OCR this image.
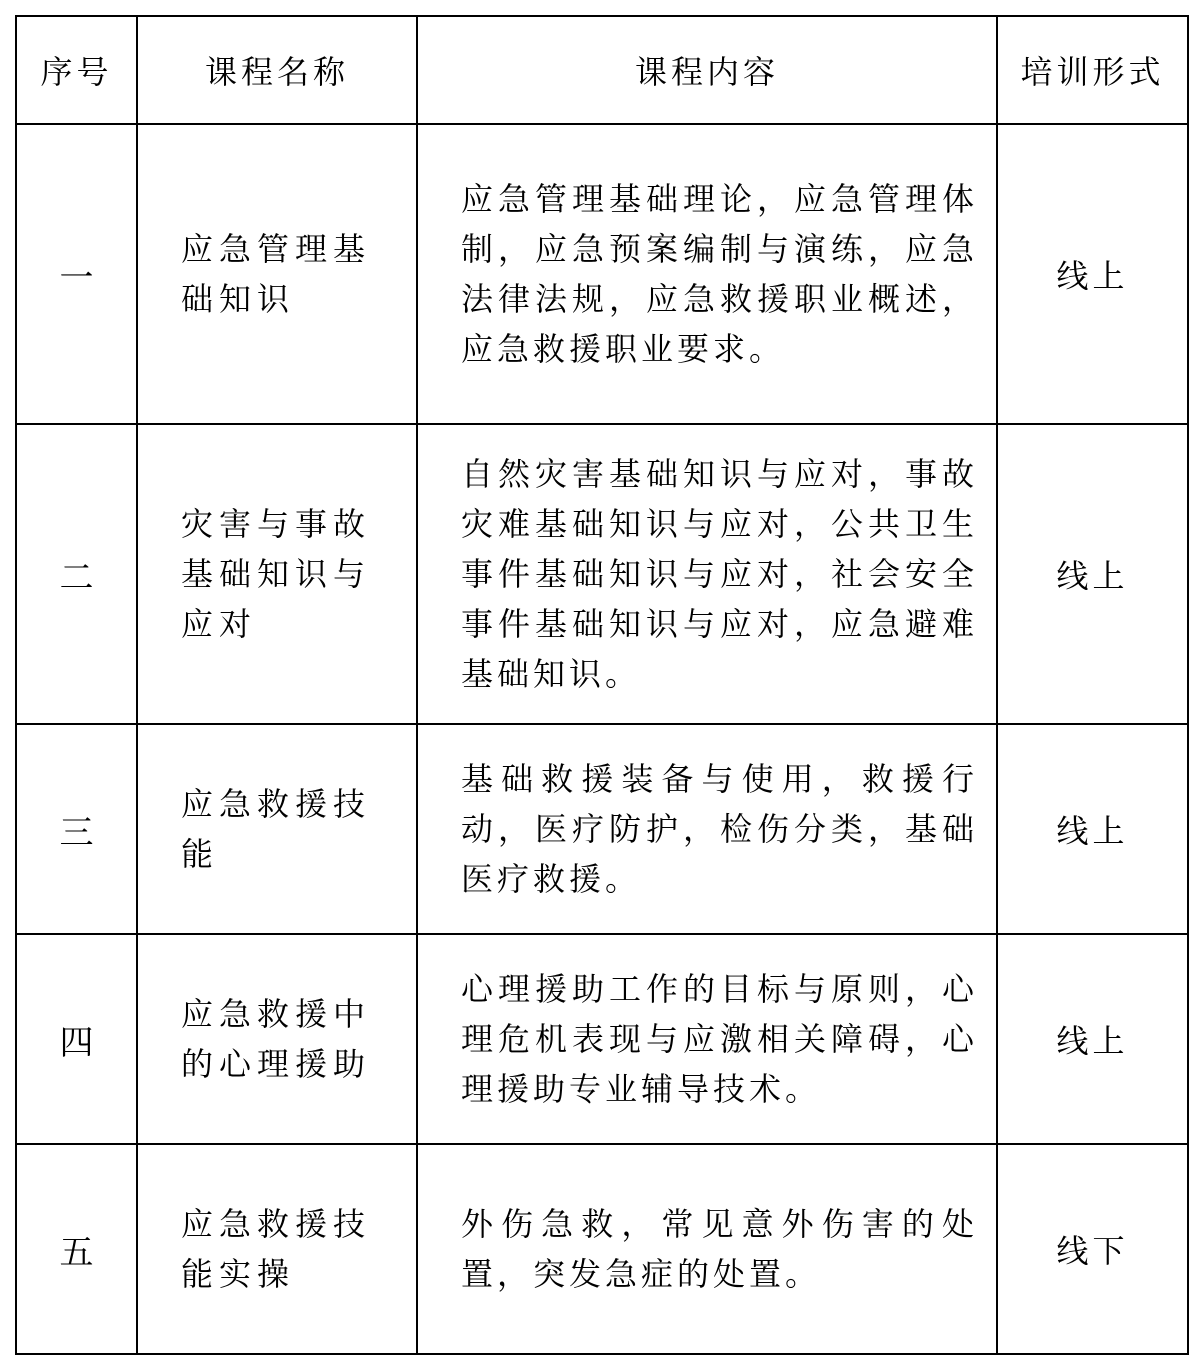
序号	课程名称	课程内容	培训形式
一	应急管理基础知识	应急管理基础理论，应急管理体制，应急预案编制与演练，应急法律法规，应急救援职业概述，应急救援职业要求。	线上
二	灾害与事故基础知识与应对	自然灾害基础知识与应对，事故灾难基础知识与应对，公共卫生事件基础知识与应对，社会安全事件基础知识与应对，应急避难基础知识。	线上
三	应急救援技能	基础救援装备与使用，救援行动，医疗防护，检伤分类，基础医疗救援。	线上
四	应急救援中的心理援助	心理援助工作的目标与原则，心理危机表现与应激相关障碍，心理援助专业辅导技术。	线上
五	应急救援技能实操	外伤急救，常见意外伤害的处置，突发急症的处置。	线下
